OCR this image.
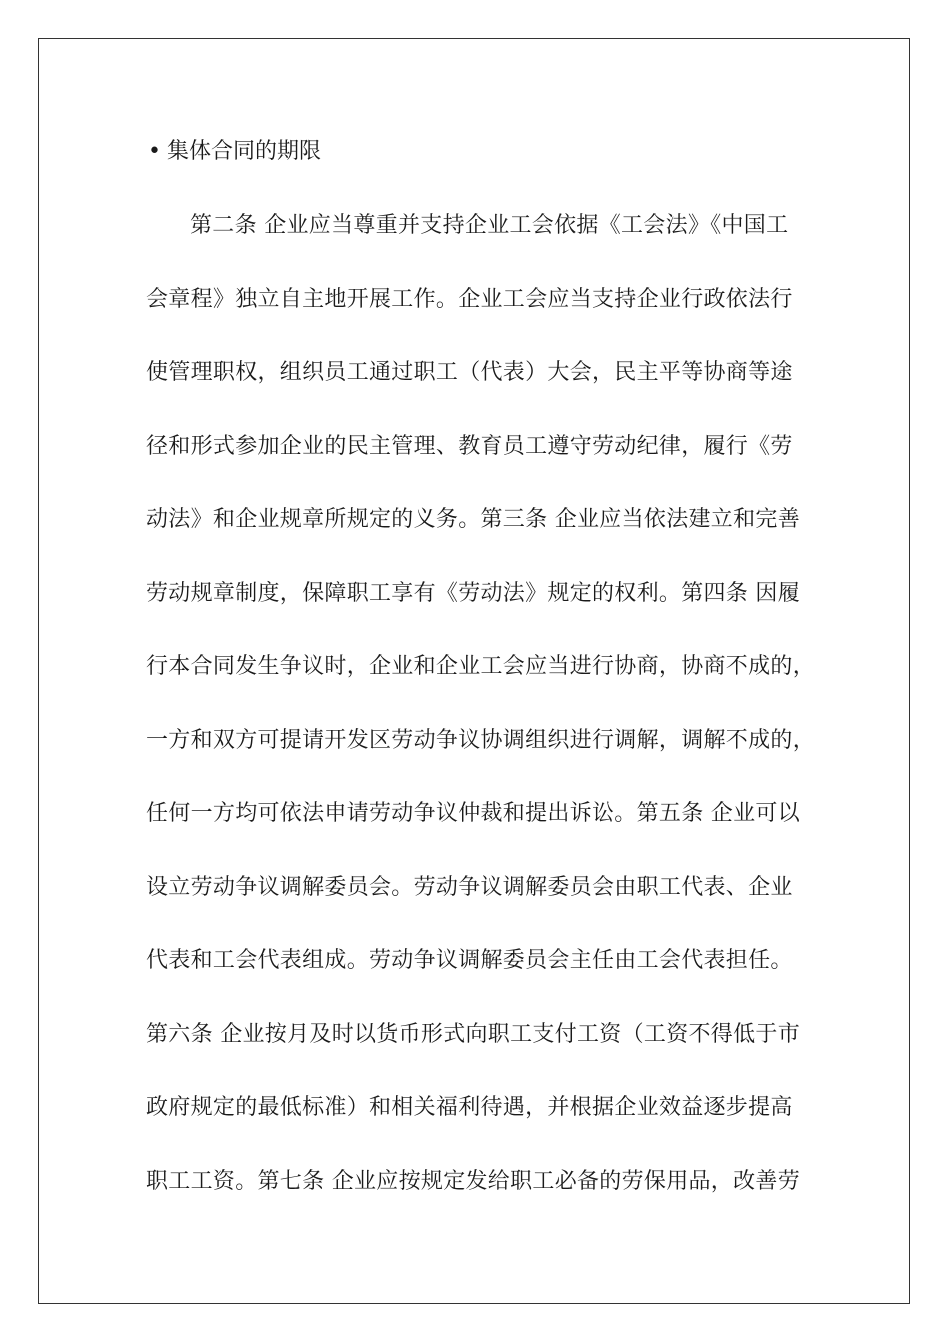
• 集体合同的期限
第二条 企业应当尊重并支持企业工会依据《工会法》《中国工
会章程》独立自主地开展工作。企业工会应当支持企业行政依法行
使管理职权，组织员工通过职工（代表）大会，民主平等协商等途
径和形式参加企业的民主管理、教育员工遵守劳动纪律，履行《劳
动法》和企业规章所规定的义务。第三条 企业应当依法建立和完善
劳动规章制度，保障职工享有《劳动法》规定的权利。第四条 因履
行本合同发生争议时，企业和企业工会应当进行协商，协商不成的，
一方和双方可提请开发区劳动争议协调组织进行调解，调解不成的，
任何一方均可依法申请劳动争议仲裁和提出诉讼。第五条 企业可以
设立劳动争议调解委员会。劳动争议调解委员会由职工代表、企业
代表和工会代表组成。劳动争议调解委员会主任由工会代表担任。
第六条 企业按月及时以货币形式向职工支付工资（工资不得低于市
政府规定的最低标准）和相关福利待遇，并根据企业效益逐步提高
职工工资。第七条 企业应按规定发给职工必备的劳保用品，改善劳
